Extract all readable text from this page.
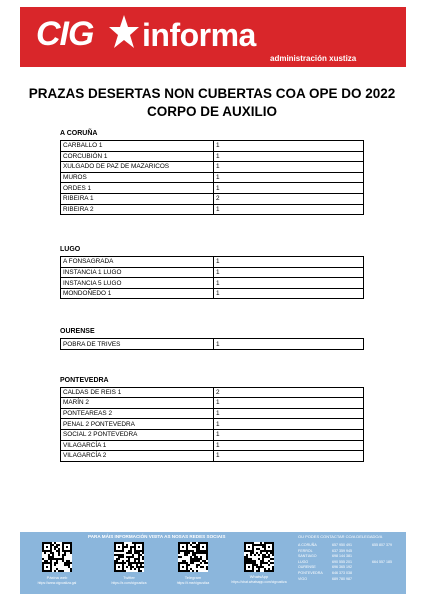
CIG informa
administración xustiza
PRAZAS DESERTAS NON CUBERTAS COA OPE DO 2022
CORPO DE AUXILIO
A CORUÑA
CARBALLO 1	1
CORCUBIÓN 1	1
XULGADO DE PAZ DE MAZARICOS	1
MUROS	1
ORDES 1	1
RIBEIRA 1	2
RIBEIRA 2	1
LUGO
A FONSAGRADA	1
INSTANCIA 1 LUGO	1
INSTANCIA 5 LUGO	1
MONDOÑEDO 1	1
OURENSE
POBRA DE TRIVES	1
PONTEVEDRA
CALDAS DE REIS 1	2
MARÍN 2	1
PONTEAREAS 2	1
PENAL 2 PONTEVEDRA	1
SOCIAL 2 PONTEVEDRA	1
VILAGARCÍA 1	1
VILAGARCÍA 2	1
PARA MÁIS INFORMACIÓN VISITA AS NOSAS REDES SOCIAIS	OU PODES CONTACTAR CO/A DELEGADO/A
Páxina web
https://www.cigxustiza.gal
Twitter
https://x.com/cigxustiza
Telegram
https://t.me/cigxustiza
WhatsApp
https://chat.whatsapp.com/cigxustiza
A CORUÑA	657 950 491	655 807 379
FERROL	637 359 945
SANTIAGO	698 144 381
LUGO	690 555 201	664 557 185
OURENSE	696 365 192
PONTEVEDRA	646 373 038
VIGO	689 780 987
